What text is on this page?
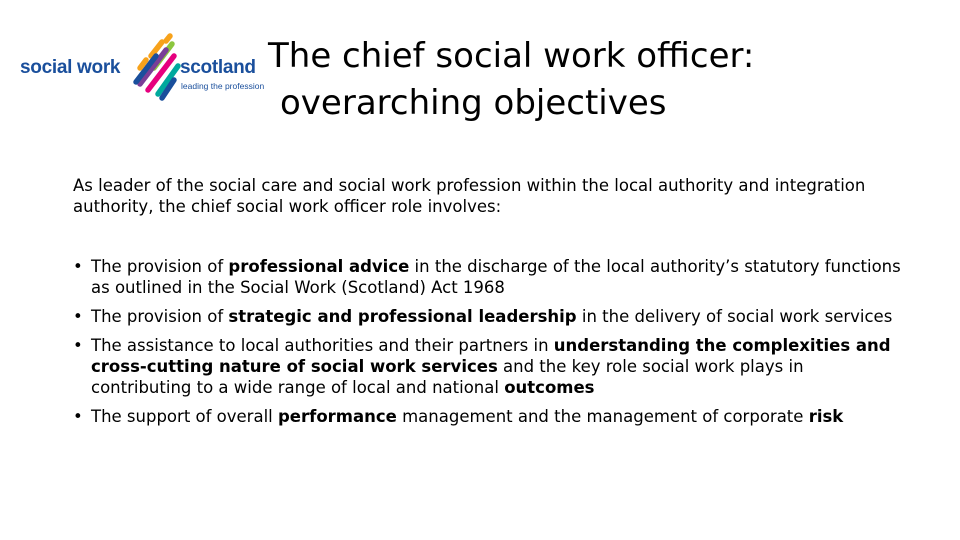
social work	scotland
leading the profession
The chief social work officer:
overarching objectives

As leader of the social care and social work profession within the local authority and integration authority, the chief social work officer role involves:

• The provision of professional advice in the discharge of the local authority’s statutory functions as outlined in the Social Work (Scotland) Act 1968
• The provision of strategic and professional leadership in the delivery of social work services
• The assistance to local authorities and their partners in understanding the complexities and cross-cutting nature of social work services and the key role social work plays in contributing to a wide range of local and national outcomes
• The support of overall performance management and the management of corporate risk
